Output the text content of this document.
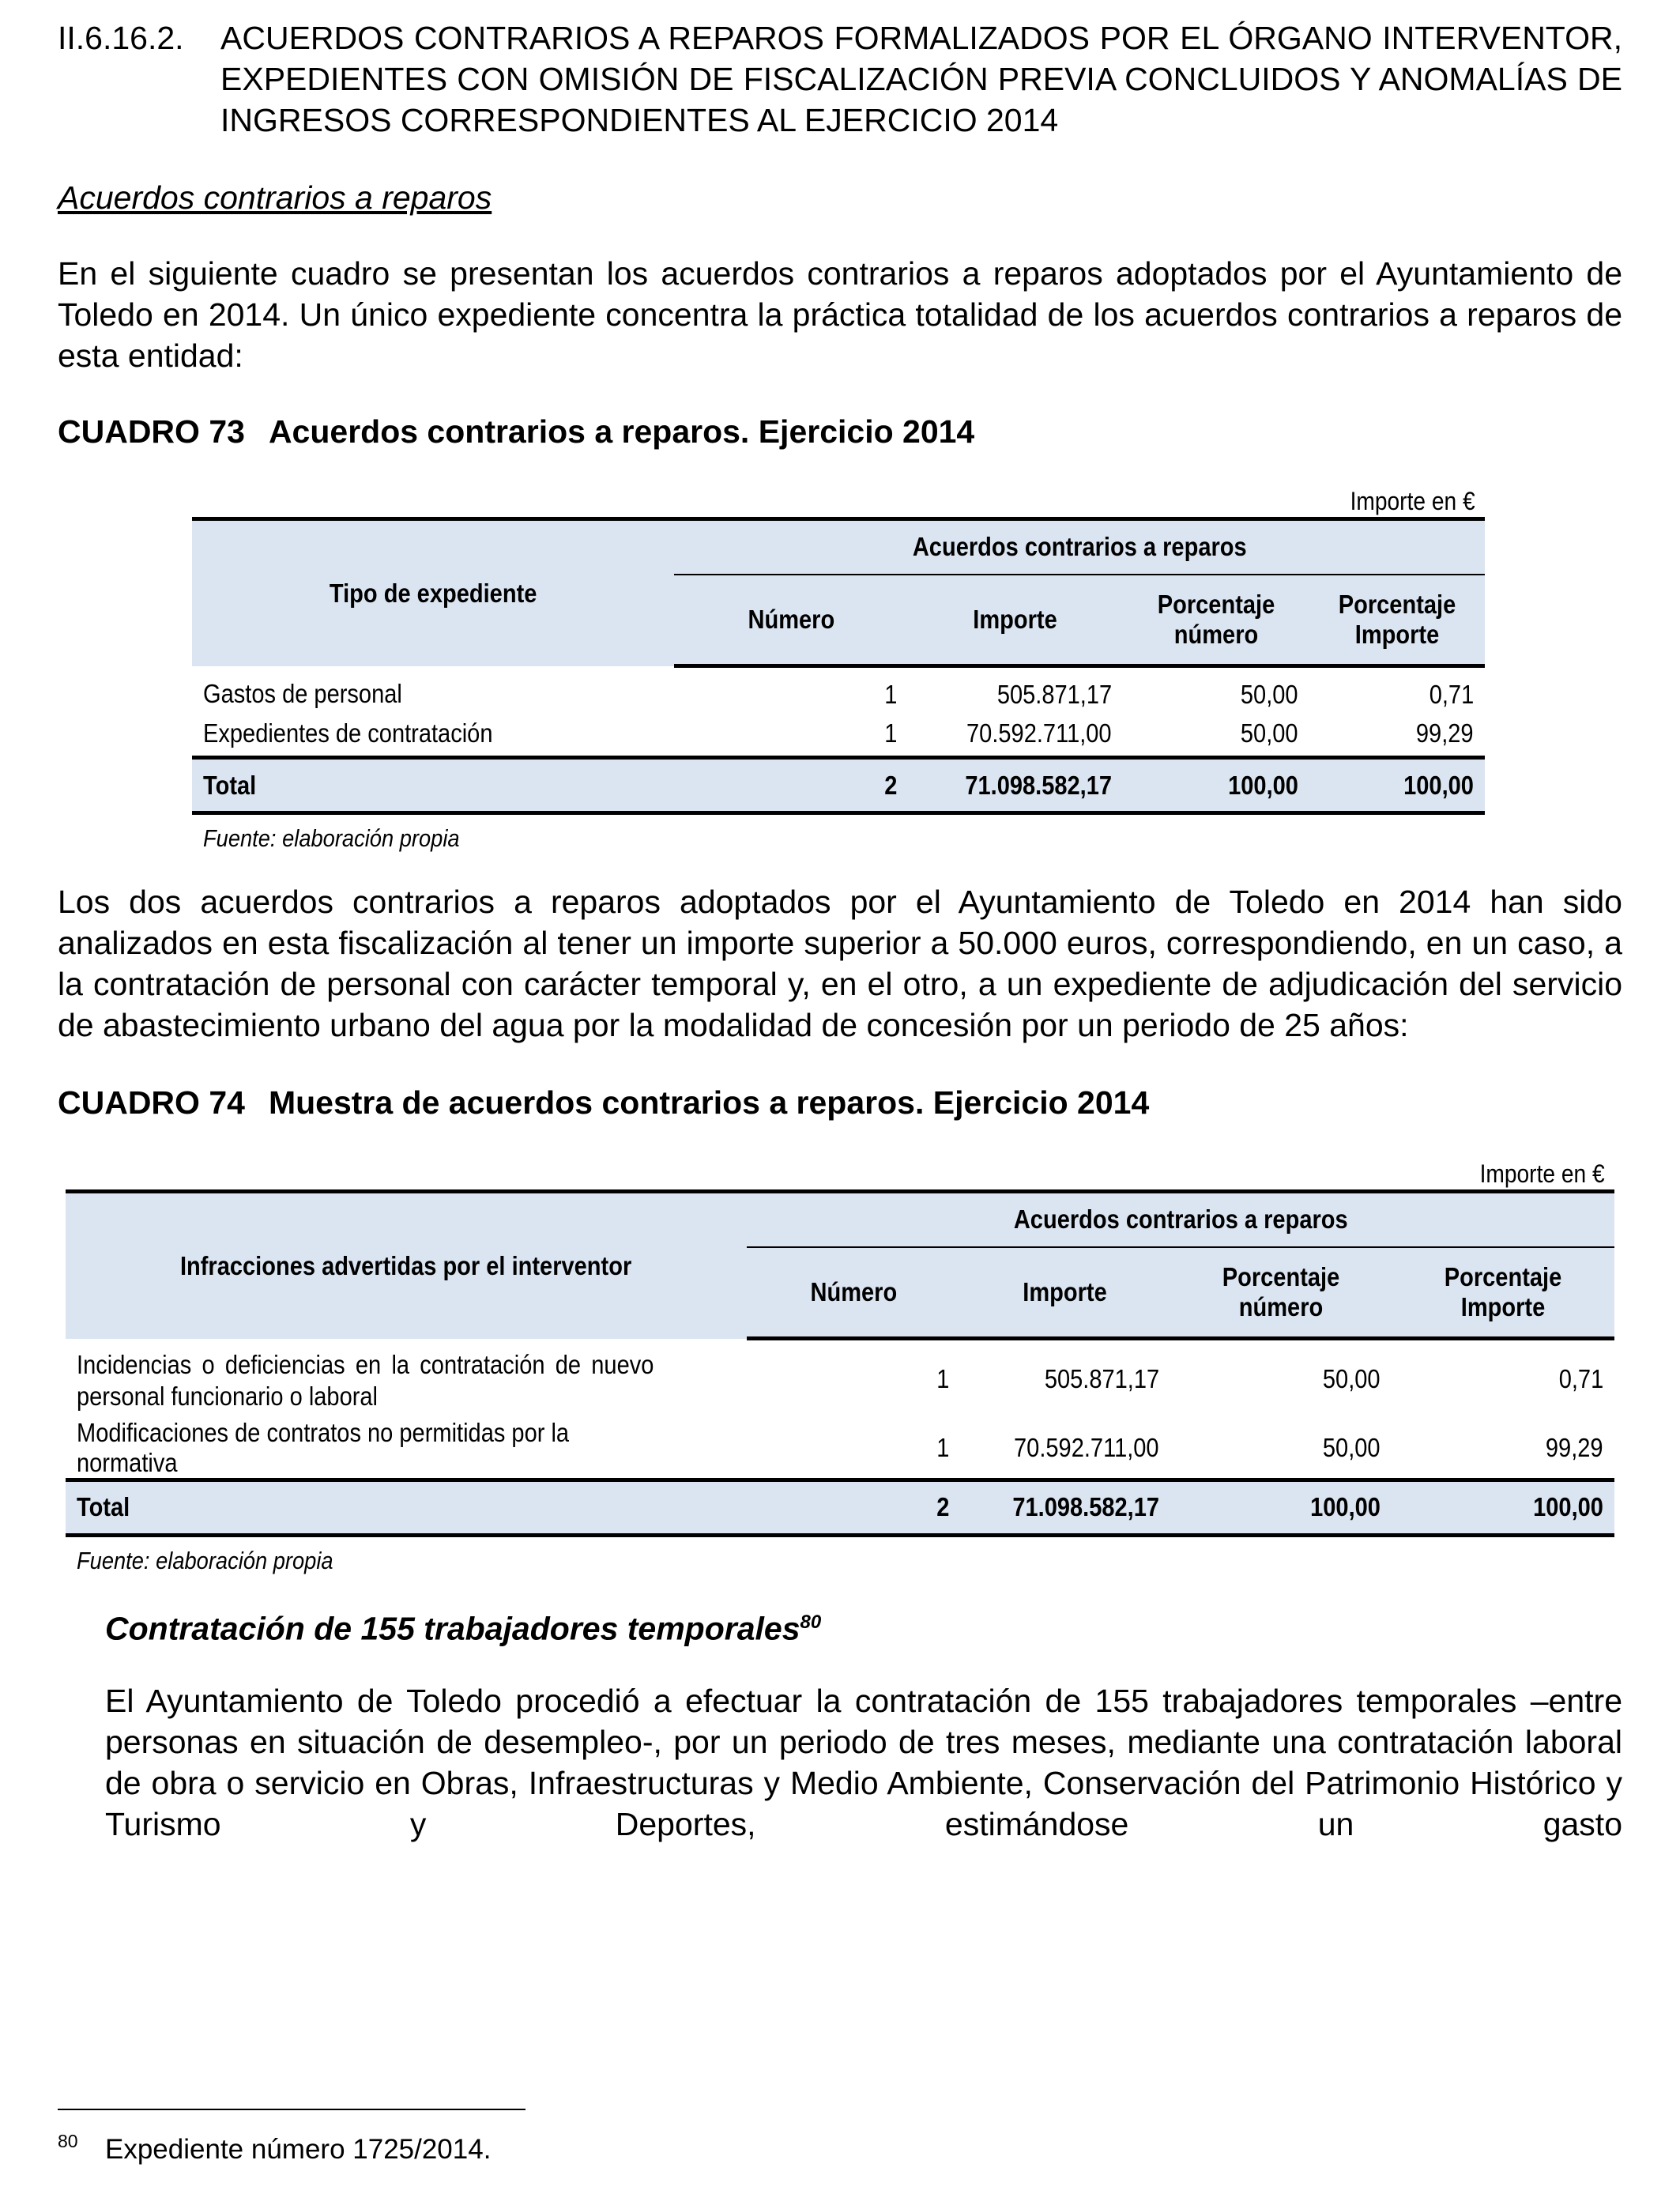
II.6.16.2.	ACUERDOS CONTRARIOS A REPAROS FORMALIZADOS POR EL ÓRGANO INTERVENTOR, EXPEDIENTES CON OMISIÓN DE FISCALIZACIÓN PREVIA CONCLUIDOS Y ANOMALÍAS DE INGRESOS CORRESPONDIENTES AL EJERCICIO 2014
Acuerdos contrarios a reparos

En el siguiente cuadro se presentan los acuerdos contrarios a reparos adoptados por el Ayuntamiento de Toledo en 2014. Un único expediente concentra la práctica totalidad de los acuerdos contrarios a reparos de esta entidad:

CUADRO 73 Acuerdos contrarios a reparos. Ejercicio 2014
Importe en €
Tipo de expediente	Acuerdos contrarios a reparos			
	Número	Importe	Porcentaje número	Porcentaje Importe
Gastos de personal	1	505.871,17	50,00	0,71
Expedientes de contratación	1	70.592.711,00	50,00	99,29
Total	2	71.098.582,17	100,00	100,00
Fuente: elaboración propia

Los dos acuerdos contrarios a reparos adoptados por el Ayuntamiento de Toledo en 2014 han sido analizados en esta fiscalización al tener un importe superior a 50.000 euros, correspondiendo, en un caso, a la contratación de personal con carácter temporal y, en el otro, a un expediente de adjudicación del servicio de abastecimiento urbano del agua por la modalidad de concesión por un periodo de 25 años:

CUADRO 74 Muestra de acuerdos contrarios a reparos. Ejercicio 2014
Importe en €
Infracciones advertidas por el interventor	Acuerdos contrarios a reparos			
	Número	Importe	Porcentaje número	Porcentaje Importe
Incidencias o deficiencias en la contratación de nuevo personal funcionario o laboral	1	505.871,17	50,00	0,71
Modificaciones de contratos no permitidas por la normativa	1	70.592.711,00	50,00	99,29
Total	2	71.098.582,17	100,00	100,00
Fuente: elaboración propia
Contratación de 155 trabajadores temporales$^{80}$

El Ayuntamiento de Toledo procedió a efectuar la contratación de 155 trabajadores temporales –entre personas en situación de desempleo-, por un periodo de tres meses, mediante una contratación laboral de obra o servicio en Obras, Infraestructuras y Medio Ambiente, Conservación del Patrimonio Histórico y Turismo y Deportes, estimándose un gasto

80 Expediente número 1725/2014.
